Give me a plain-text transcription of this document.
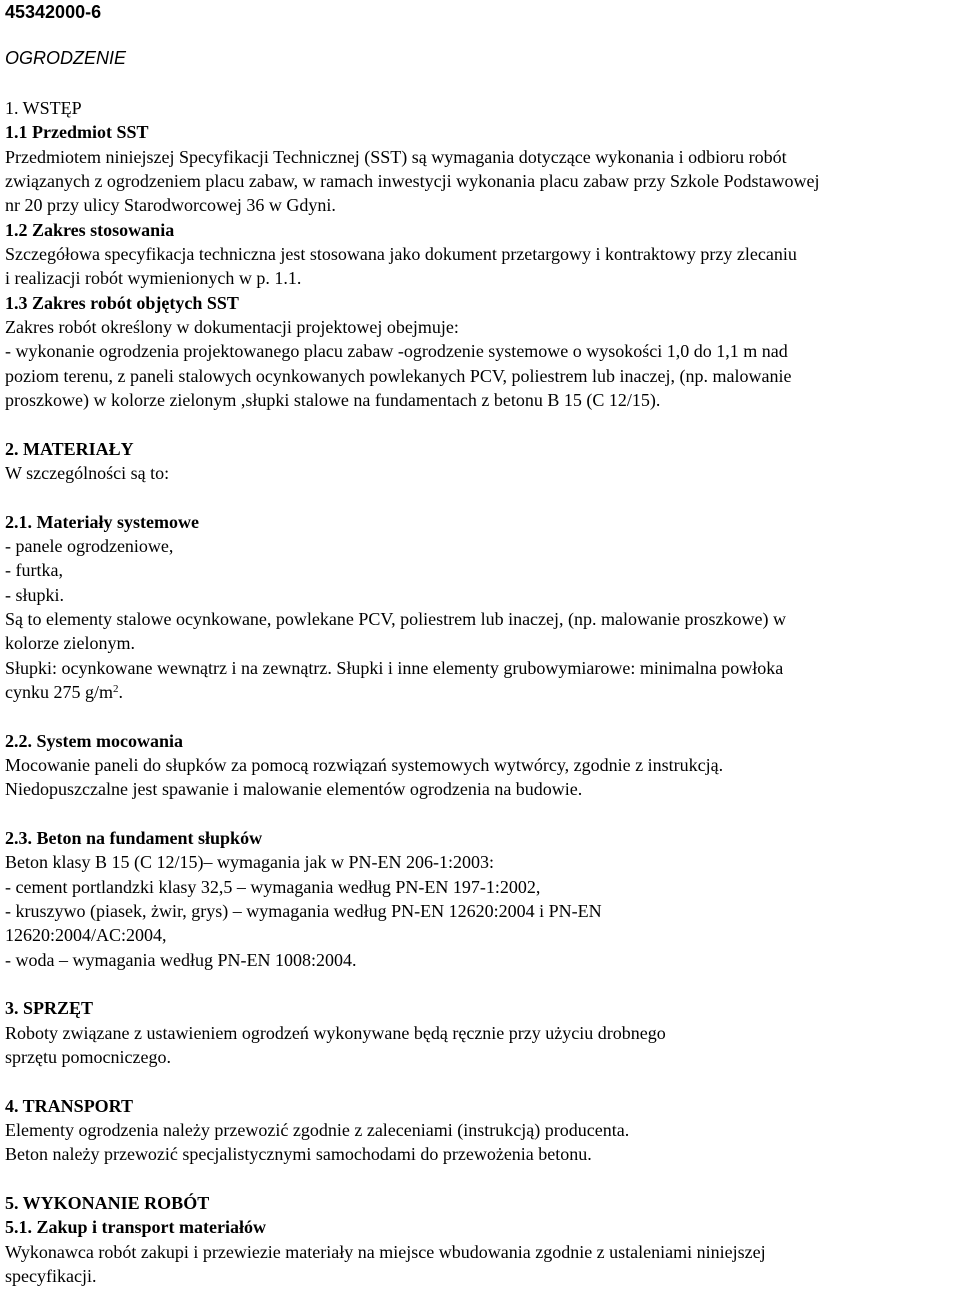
45342000-6
OGRODZENIE
1. WSTĘP
1.1 Przedmiot SST
Przedmiotem niniejszej Specyfikacji Technicznej (SST) są wymagania dotyczące wykonania i odbioru robót
związanych z ogrodzeniem placu zabaw, w ramach inwestycji wykonania placu zabaw przy Szkole Podstawowej
nr 20 przy ulicy Starodworcowej 36 w Gdyni.
1.2 Zakres stosowania
Szczegółowa specyfikacja techniczna jest stosowana jako dokument przetargowy i kontraktowy przy zlecaniu
i realizacji robót wymienionych w p. 1.1.
1.3 Zakres robót objętych SST
Zakres robót określony w dokumentacji projektowej obejmuje:
- wykonanie ogrodzenia projektowanego placu zabaw -ogrodzenie systemowe o wysokości 1,0 do 1,1 m nad
poziom terenu, z paneli stalowych ocynkowanych powlekanych PCV, poliestrem lub inaczej, (np. malowanie
proszkowe) w kolorze zielonym ,słupki stalowe na fundamentach z betonu B 15 (C 12/15).
2. MATERIAŁY
W szczególności są to:
2.1. Materiały systemowe
- panele ogrodzeniowe,
- furtka,
- słupki.
Są to elementy stalowe ocynkowane, powlekane PCV, poliestrem lub inaczej, (np. malowanie proszkowe) w
kolorze zielonym.
Słupki: ocynkowane wewnątrz i na zewnątrz. Słupki i inne elementy grubowymiarowe: minimalna powłoka
cynku 275 $g/m^2$.
2.2. System mocowania
Mocowanie paneli do słupków za pomocą rozwiązań systemowych wytwórcy, zgodnie z instrukcją.
Niedopuszczalne jest spawanie i malowanie elementów ogrodzenia na budowie.
2.3. Beton na fundament słupków
Beton klasy B 15 (C 12/15)– wymagania jak w PN-EN 206-1:2003:
- cement portlandzki klasy 32,5 – wymagania według PN-EN 197-1:2002,
- kruszywo (piasek, żwir, grys) – wymagania według PN-EN 12620:2004 i PN-EN
12620:2004/AC:2004,
- woda – wymagania według PN-EN 1008:2004.
3. SPRZĘT
Roboty związane z ustawieniem ogrodzeń wykonywane będą ręcznie przy użyciu drobnego
sprzętu pomocniczego.
4. TRANSPORT
Elementy ogrodzenia należy przewozić zgodnie z zaleceniami (instrukcją) producenta.
Beton należy przewozić specjalistycznymi samochodami do przewożenia betonu.
5. WYKONANIE ROBÓT
5.1. Zakup i transport materiałów
Wykonawca robót zakupi i przewiezie materiały na miejsce wbudowania zgodnie z ustaleniami niniejszej
specyfikacji.
